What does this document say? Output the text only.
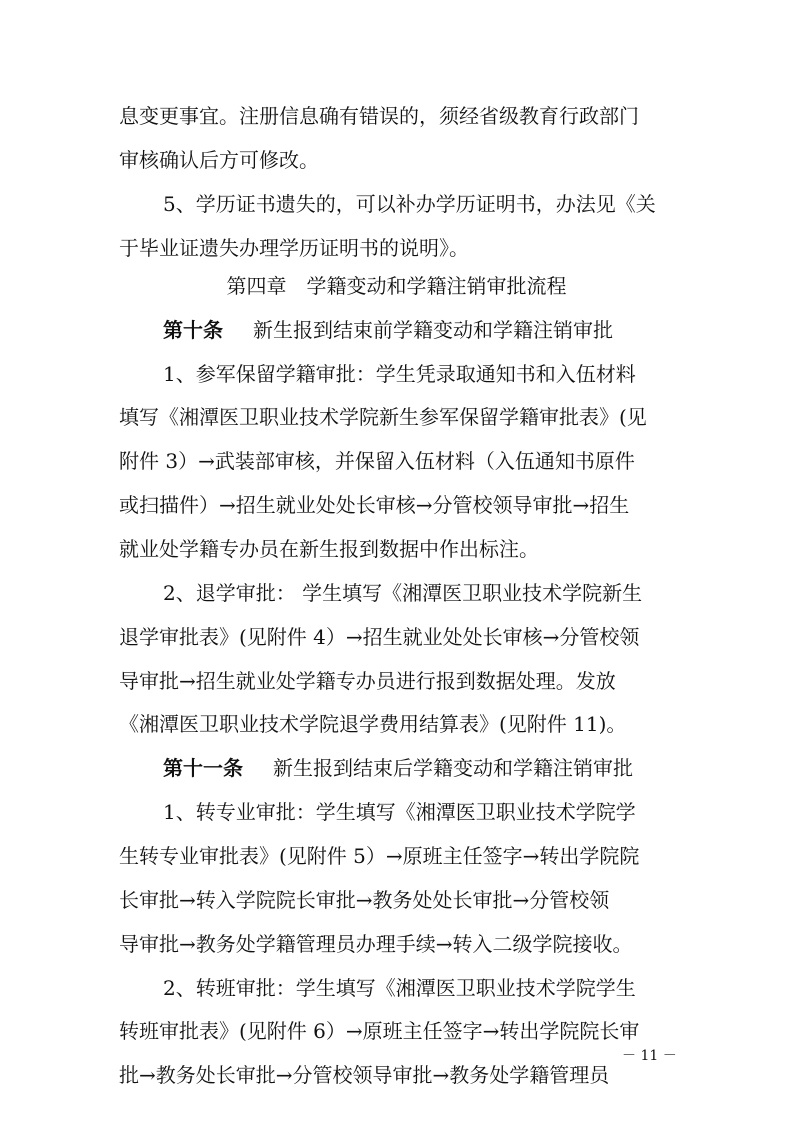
息变更事宜。注册信息确有错误的，须经省级教育行政部门
审核确认后方可修改。
5、学历证书遗失的，可以补办学历证明书，办法见《关
于毕业证遗失办理学历证明书的说明》。
第四章　学籍变动和学籍注销审批流程
第十条 新生报到结束前学籍变动和学籍注销审批
1、参军保留学籍审批：学生凭录取通知书和入伍材料
填写《湘潭医卫职业技术学院新生参军保留学籍审批表》(见
附件 3）→武装部审核，并保留入伍材料（入伍通知书原件
或扫描件）→招生就业处处长审核→分管校领导审批→招生
就业处学籍专办员在新生报到数据中作出标注。
2、退学审批： 学生填写《湘潭医卫职业技术学院新生
退学审批表》(见附件 4）→招生就业处处长审核→分管校领
导审批→招生就业处学籍专办员进行报到数据处理。发放
《湘潭医卫职业技术学院退学费用结算表》(见附件 11)。
第十一条 新生报到结束后学籍变动和学籍注销审批
1、转专业审批：学生填写《湘潭医卫职业技术学院学
生转专业审批表》(见附件 5）→原班主任签字→转出学院院
长审批→转入学院院长审批→教务处处长审批→分管校领
导审批→教务处学籍管理员办理手续→转入二级学院接收。
2、转班审批：学生填写《湘潭医卫职业技术学院学生
转班审批表》(见附件 6）→原班主任签字→转出学院院长审
批→教务处长审批→分管校领导审批→教务处学籍管理员
－ 11 －
